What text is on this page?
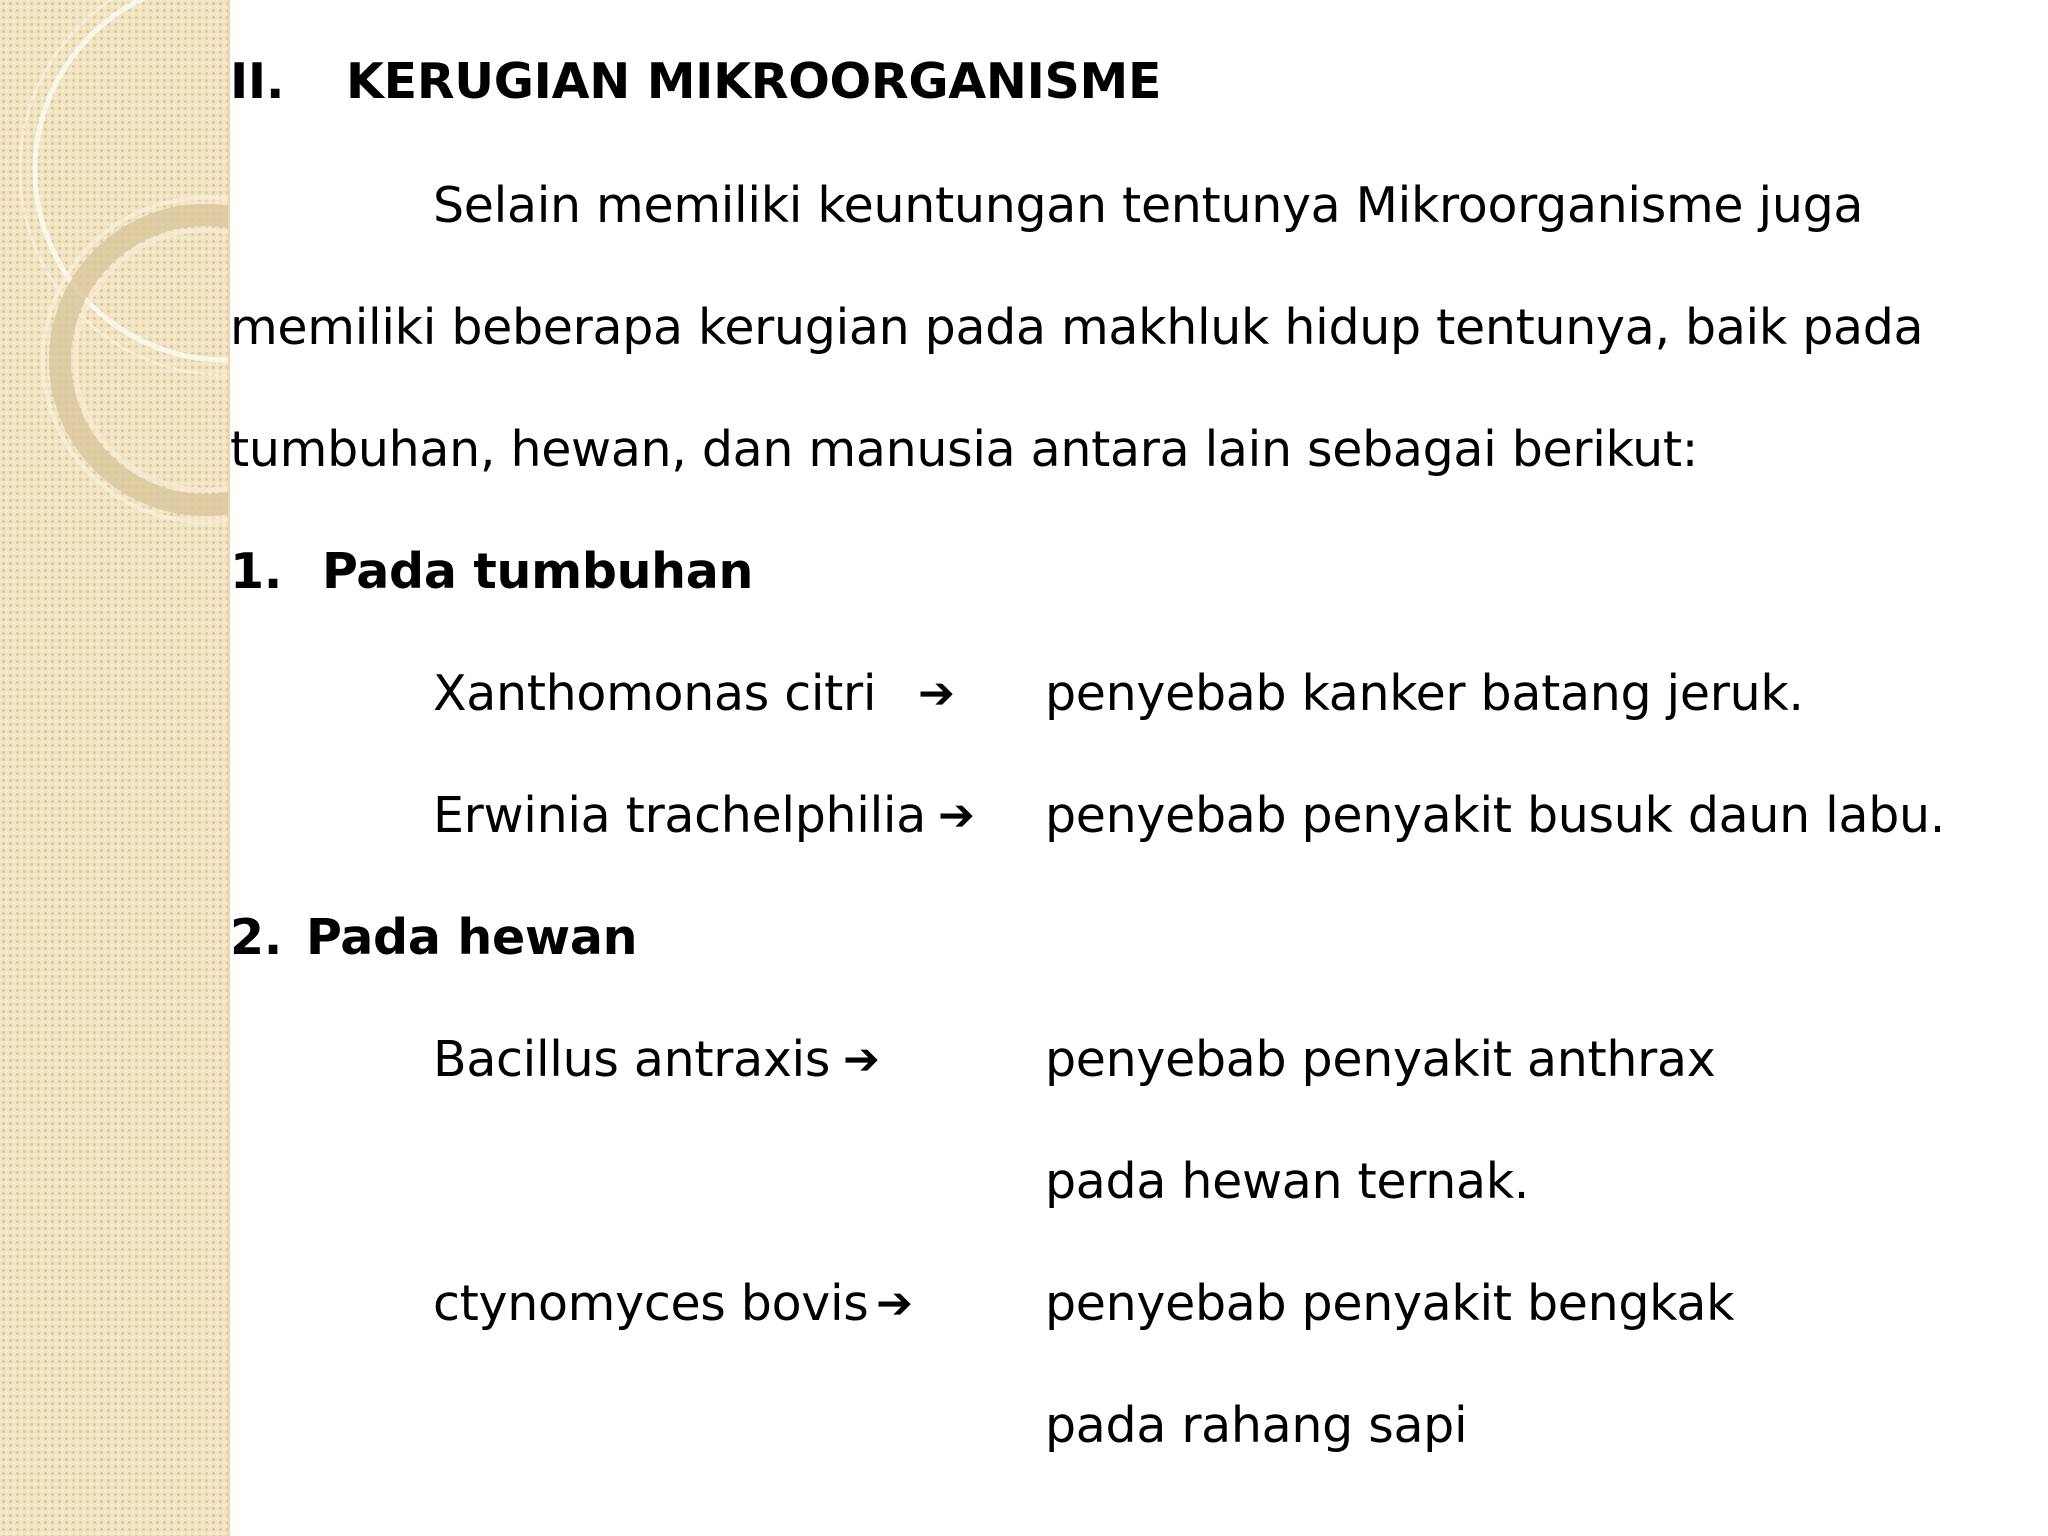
II. KERUGIAN MIKROORGANISME
Selain memiliki keuntungan tentunya Mikroorganisme juga
memiliki beberapa kerugian pada makhluk hidup tentunya, baik pada
tumbuhan, hewan, dan manusia antara lain sebagai berikut:
1. Pada tumbuhan
Xanthomonas citri ➔ penyebab kanker batang jeruk.
Erwinia trachelphilia ➔ penyebab penyakit busuk daun labu.
2. Pada hewan
Bacillus antraxis ➔	penyebab penyakit anthrax
pada hewan ternak.
ctynomyces bovis ➔	penyebab penyakit bengkak
pada rahang sapi
